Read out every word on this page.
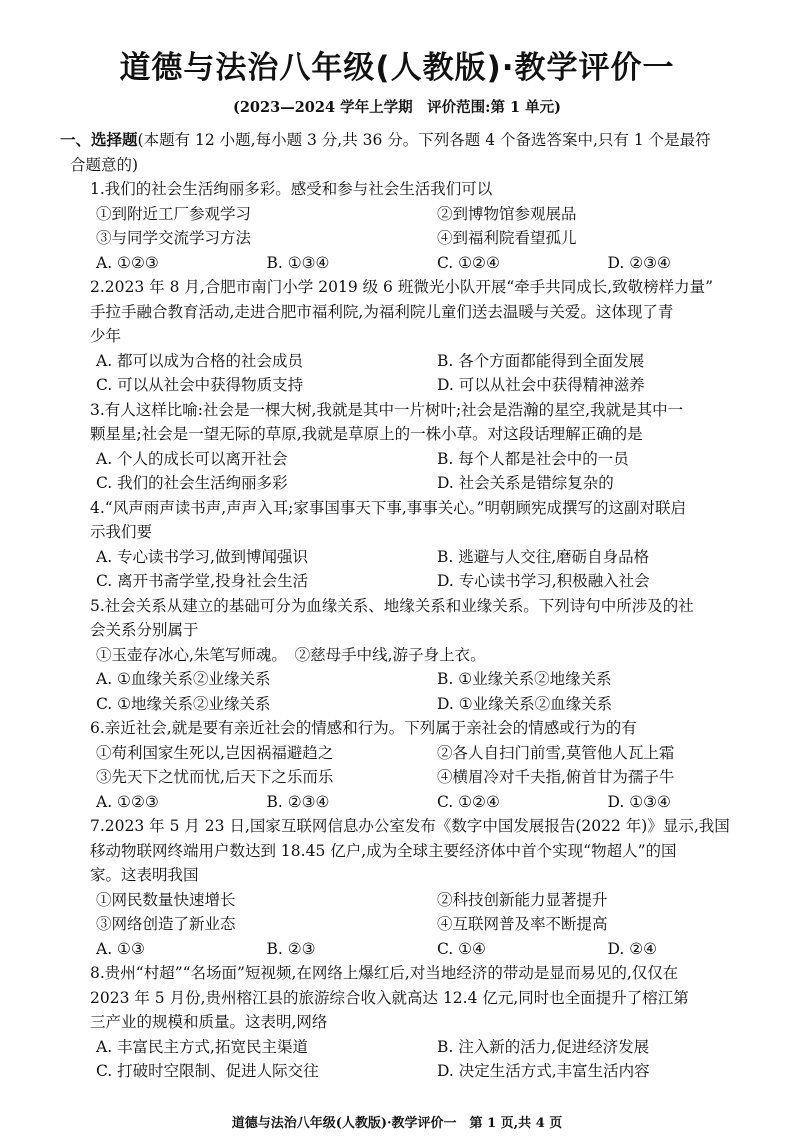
道德与法治八年级(人教版)·教学评价一
(2023—2024 学年上学期　评价范围:第 1 单元)
一、选择题(本题有 12 小题,每小题 3 分,共 36 分。下列各题 4 个备选答案中,只有 1 个是最符
合题意的)
1.我们的社会生活绚丽多彩。感受和参与社会生活我们可以
①到附近工厂参观学习	②到博物馆参观展品
③与同学交流学习方法	④到福利院看望孤儿
A. ①②③	B. ①③④	C. ①②④	D. ②③④
2.2023 年 8 月,合肥市南门小学 2019 级 6 班微光小队开展“牵手共同成长,致敬榜样力量”
手拉手融合教育活动,走进合肥市福利院,为福利院儿童们送去温暖与关爱。这体现了青
少年
A. 都可以成为合格的社会成员	B. 各个方面都能得到全面发展
C. 可以从社会中获得物质支持	D. 可以从社会中获得精神滋养
3.有人这样比喻:社会是一棵大树,我就是其中一片树叶;社会是浩瀚的星空,我就是其中一
颗星星;社会是一望无际的草原,我就是草原上的一株小草。对这段话理解正确的是
A. 个人的成长可以离开社会	B. 每个人都是社会中的一员
C. 我们的社会生活绚丽多彩	D. 社会关系是错综复杂的
4.“风声雨声读书声,声声入耳;家事国事天下事,事事关心。”明朝顾宪成撰写的这副对联启
示我们要
A. 专心读书学习,做到博闻强识	B. 逃避与人交往,磨砺自身品格
C. 离开书斋学堂,投身社会生活	D. 专心读书学习,积极融入社会
5.社会关系从建立的基础可分为血缘关系、地缘关系和业缘关系。下列诗句中所涉及的社
会关系分别属于
①玉壶存冰心,朱笔写师魂。　②慈母手中线,游子身上衣。
A. ①血缘关系②业缘关系	B. ①业缘关系②地缘关系
C. ①地缘关系②业缘关系	D. ①业缘关系②血缘关系
6.亲近社会,就是要有亲近社会的情感和行为。下列属于亲社会的情感或行为的有
①苟利国家生死以,岂因祸福避趋之	②各人自扫门前雪,莫管他人瓦上霜
③先天下之忧而忧,后天下之乐而乐	④横眉冷对千夫指,俯首甘为孺子牛
A. ①②③	B. ②③④	C. ①②④	D. ①③④
7.2023 年 5 月 23 日,国家互联网信息办公室发布《数字中国发展报告(2022 年)》显示,我国
移动物联网终端用户数达到 18.45 亿户,成为全球主要经济体中首个实现“物超人”的国
家。这表明我国
①网民数量快速增长	②科技创新能力显著提升
③网络创造了新业态	④互联网普及率不断提高
A. ①③	B. ②③	C. ①④	D. ②④
8.贵州“村超”“名场面”短视频,在网络上爆红后,对当地经济的带动是显而易见的,仅仅在
2023 年 5 月份,贵州榕江县的旅游综合收入就高达 12.4 亿元,同时也全面提升了榕江第
三产业的规模和质量。这表明,网络
A. 丰富民主方式,拓宽民主渠道	B. 注入新的活力,促进经济发展
C. 打破时空限制、促进人际交往	D. 决定生活方式,丰富生活内容
道德与法治八年级(人教版)·教学评价一　第 1 页,共 4 页
